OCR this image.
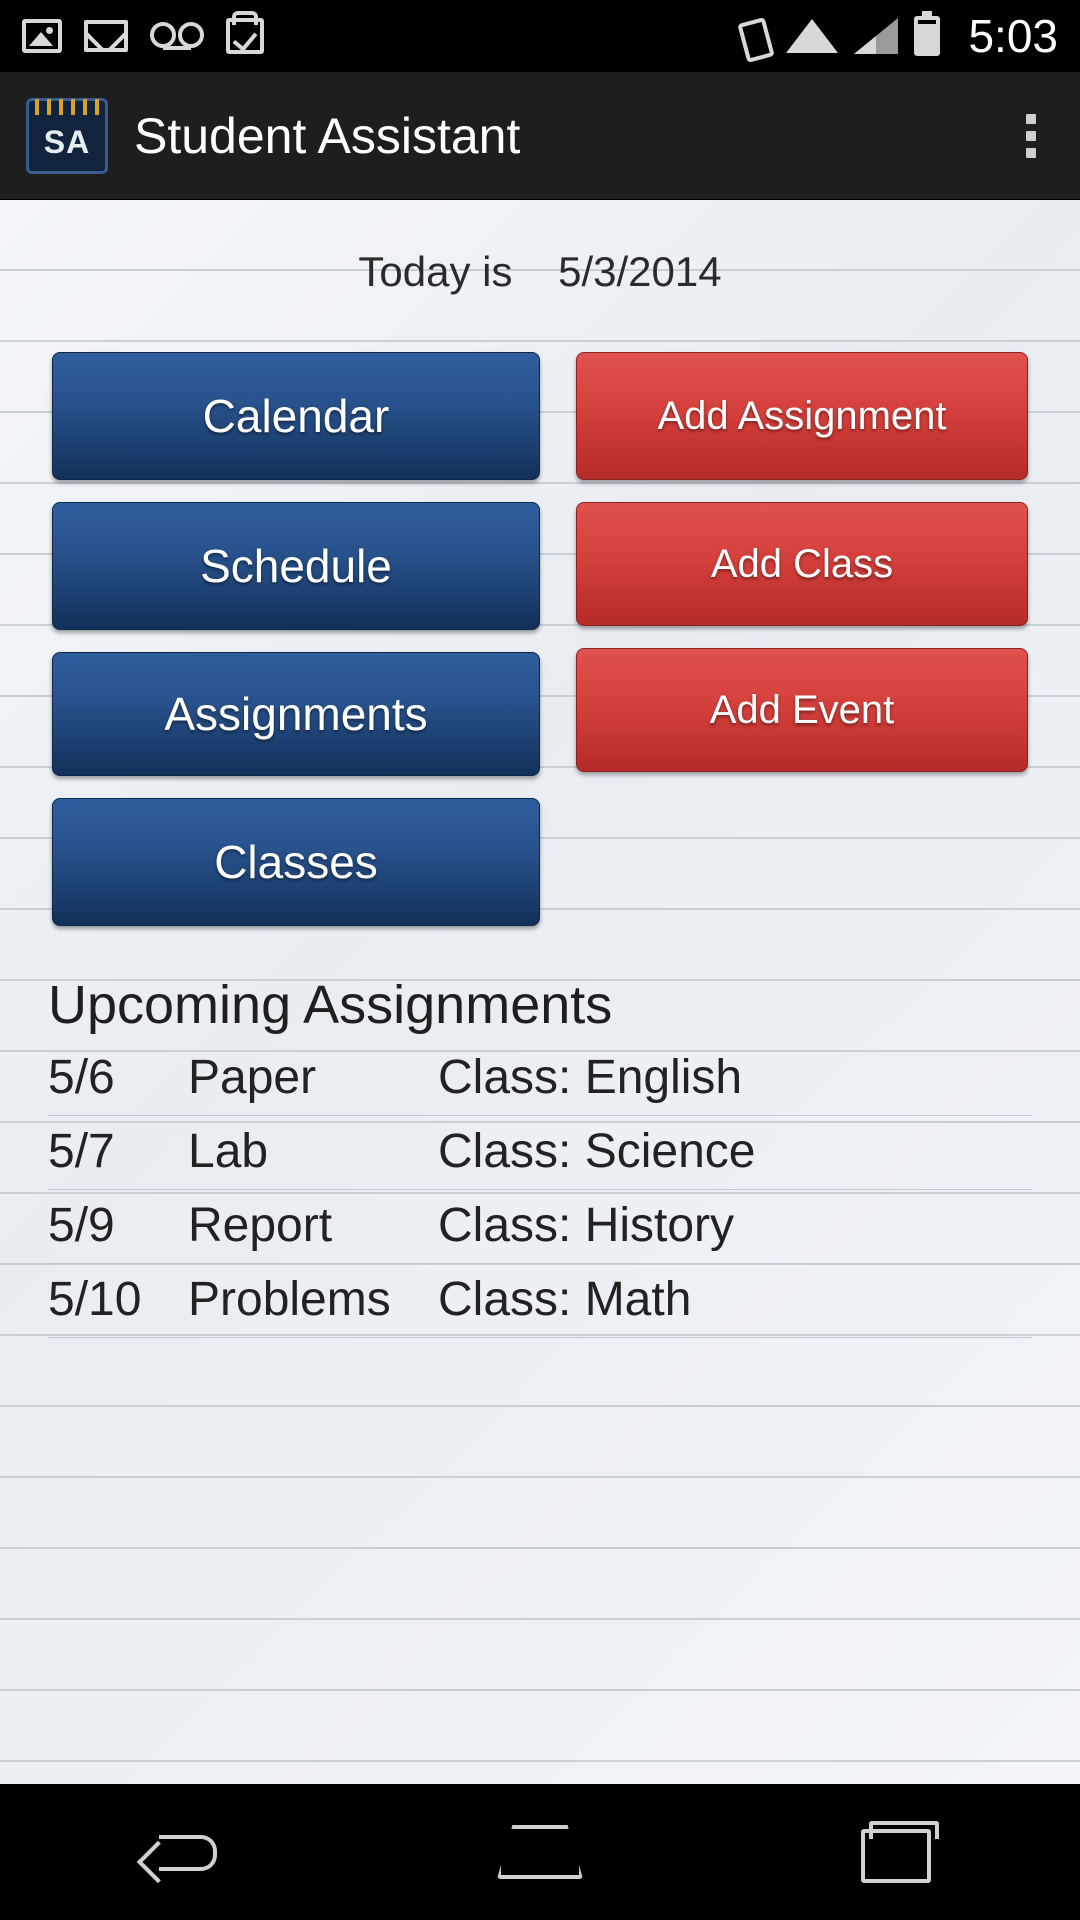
5:03
SA Student Assistant
Today is 5/3/2014
Calendar
Schedule
Assignments
Classes
Add Assignment
Add Class
Add Event
Upcoming Assignments
5/6	Paper	Class: English
5/7	Lab	Class: Science
5/9	Report	Class: History
5/10 Problems Class: Math
